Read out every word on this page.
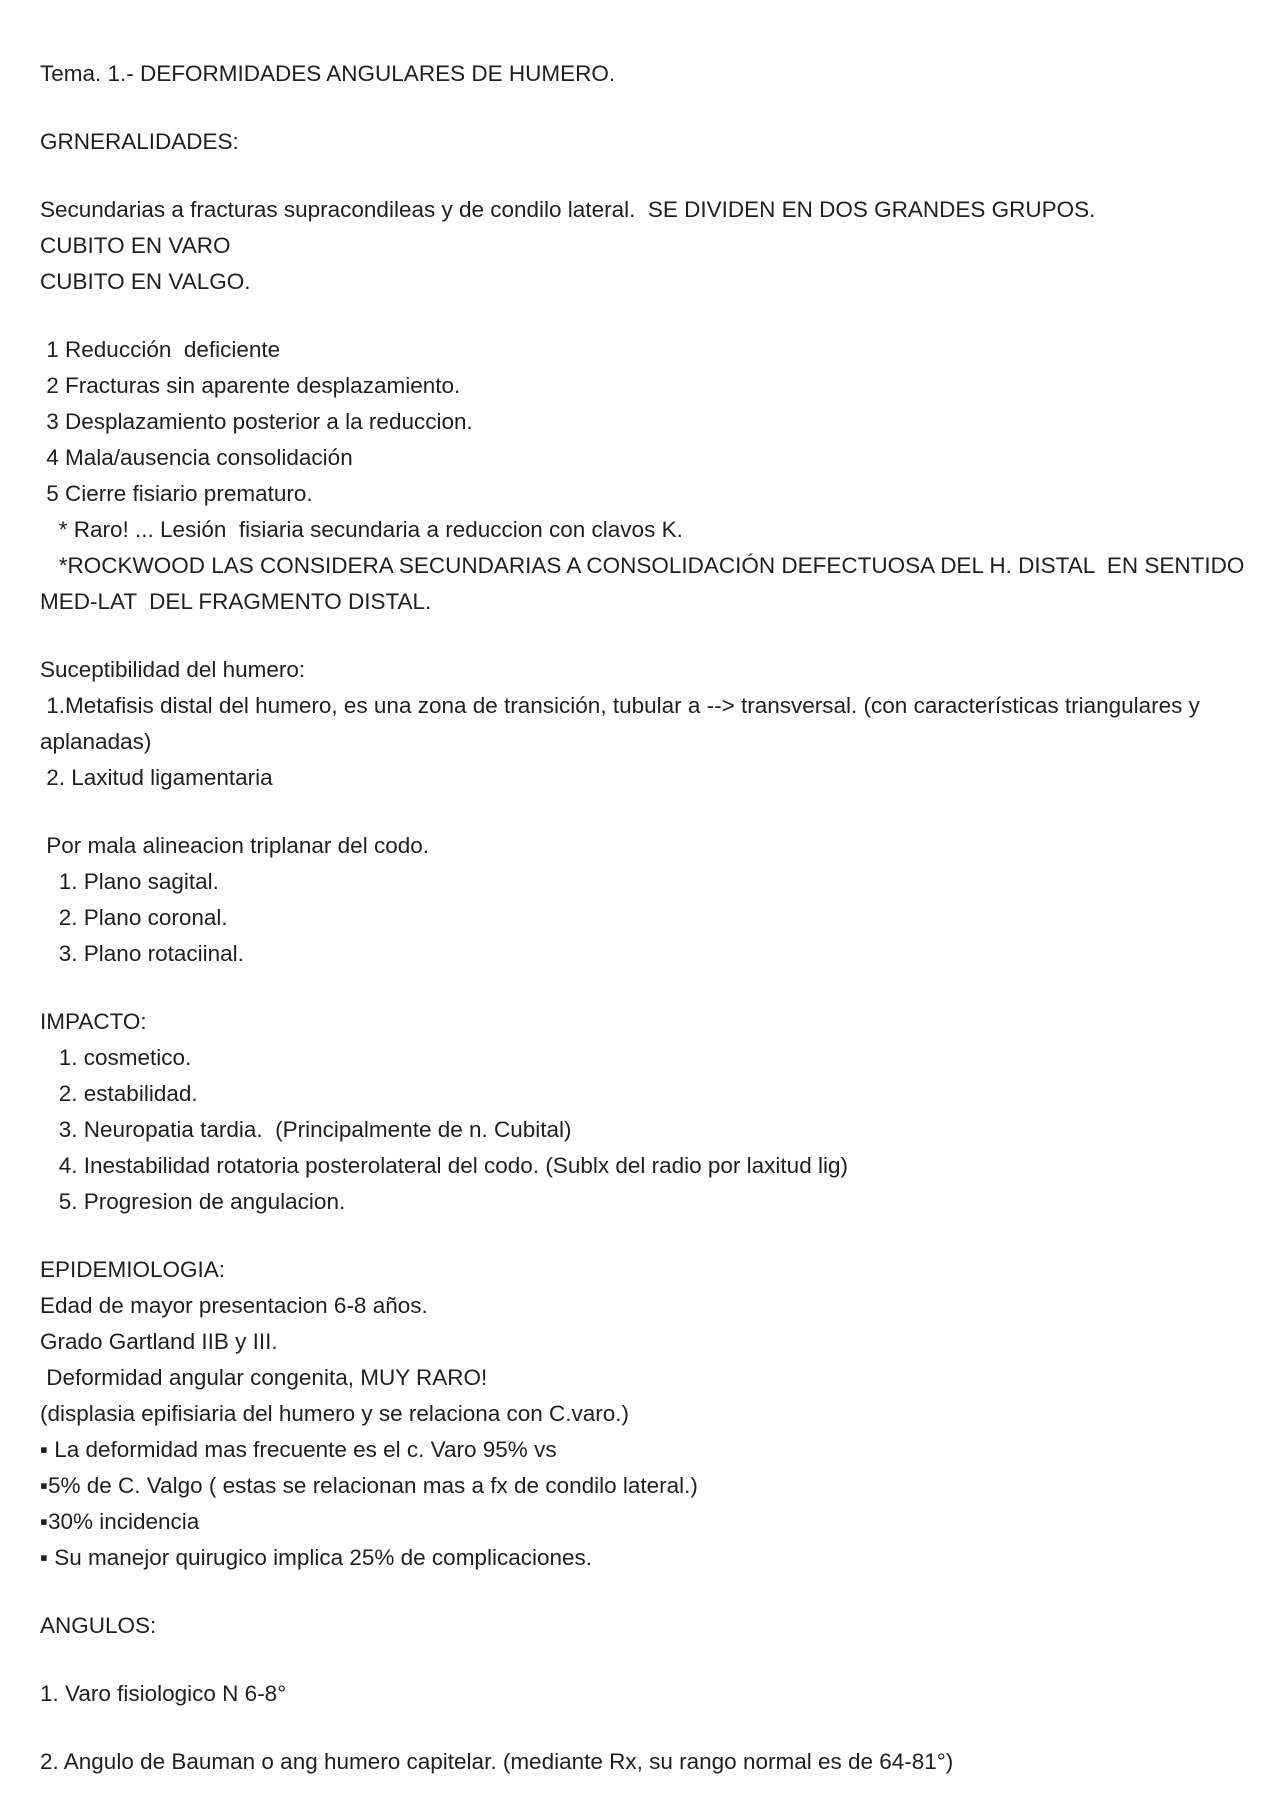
Tema. 1.- DEFORMIDADES ANGULARES DE HUMERO.
GRNERALIDADES:
Secundarias a fracturas supracondileas y de condilo lateral.  SE DIVIDEN EN DOS GRANDES GRUPOS.
CUBITO EN VARO
CUBITO EN VALGO.
1 Reducción  deficiente
2 Fracturas sin aparente desplazamiento.
3 Desplazamiento posterior a la reduccion.
4 Mala/ausencia consolidación
5 Cierre fisiario prematuro.
* Raro! ... Lesión  fisiaria secundaria a reduccion con clavos K.
*ROCKWOOD LAS CONSIDERA SECUNDARIAS A CONSOLIDACIÓN DEFECTUOSA DEL H. DISTAL  EN SENTIDO MED-LAT  DEL FRAGMENTO DISTAL.
Suceptibilidad del humero:
1.Metafisis distal del humero, es una zona de transición, tubular a --> transversal. (con características triangulares y aplanadas)
2. Laxitud ligamentaria
Por mala alineacion triplanar del codo.
1. Plano sagital.
2. Plano coronal.
3. Plano rotaciinal.
IMPACTO:
1. cosmetico.
2. estabilidad.
3. Neuropatia tardia.  (Principalmente de n. Cubital)
4. Inestabilidad rotatoria posterolateral del codo. (Sublx del radio por laxitud lig)
5. Progresion de angulacion.
EPIDEMIOLOGIA:
Edad de mayor presentacion 6-8 años.
Grado Gartland IIB y III.
Deformidad angular congenita, MUY RARO!
(displasia epifisiaria del humero y se relaciona con C.varo.)
▪ La deformidad mas frecuente es el c. Varo 95% vs
▪5% de C. Valgo ( estas se relacionan mas a fx de condilo lateral.)
▪30% incidencia
▪ Su manejor quirugico implica 25% de complicaciones.
ANGULOS:
1. Varo fisiologico N 6-8°
2. Angulo de Bauman o ang humero capitelar. (mediante Rx, su rango normal es de 64-81°)
